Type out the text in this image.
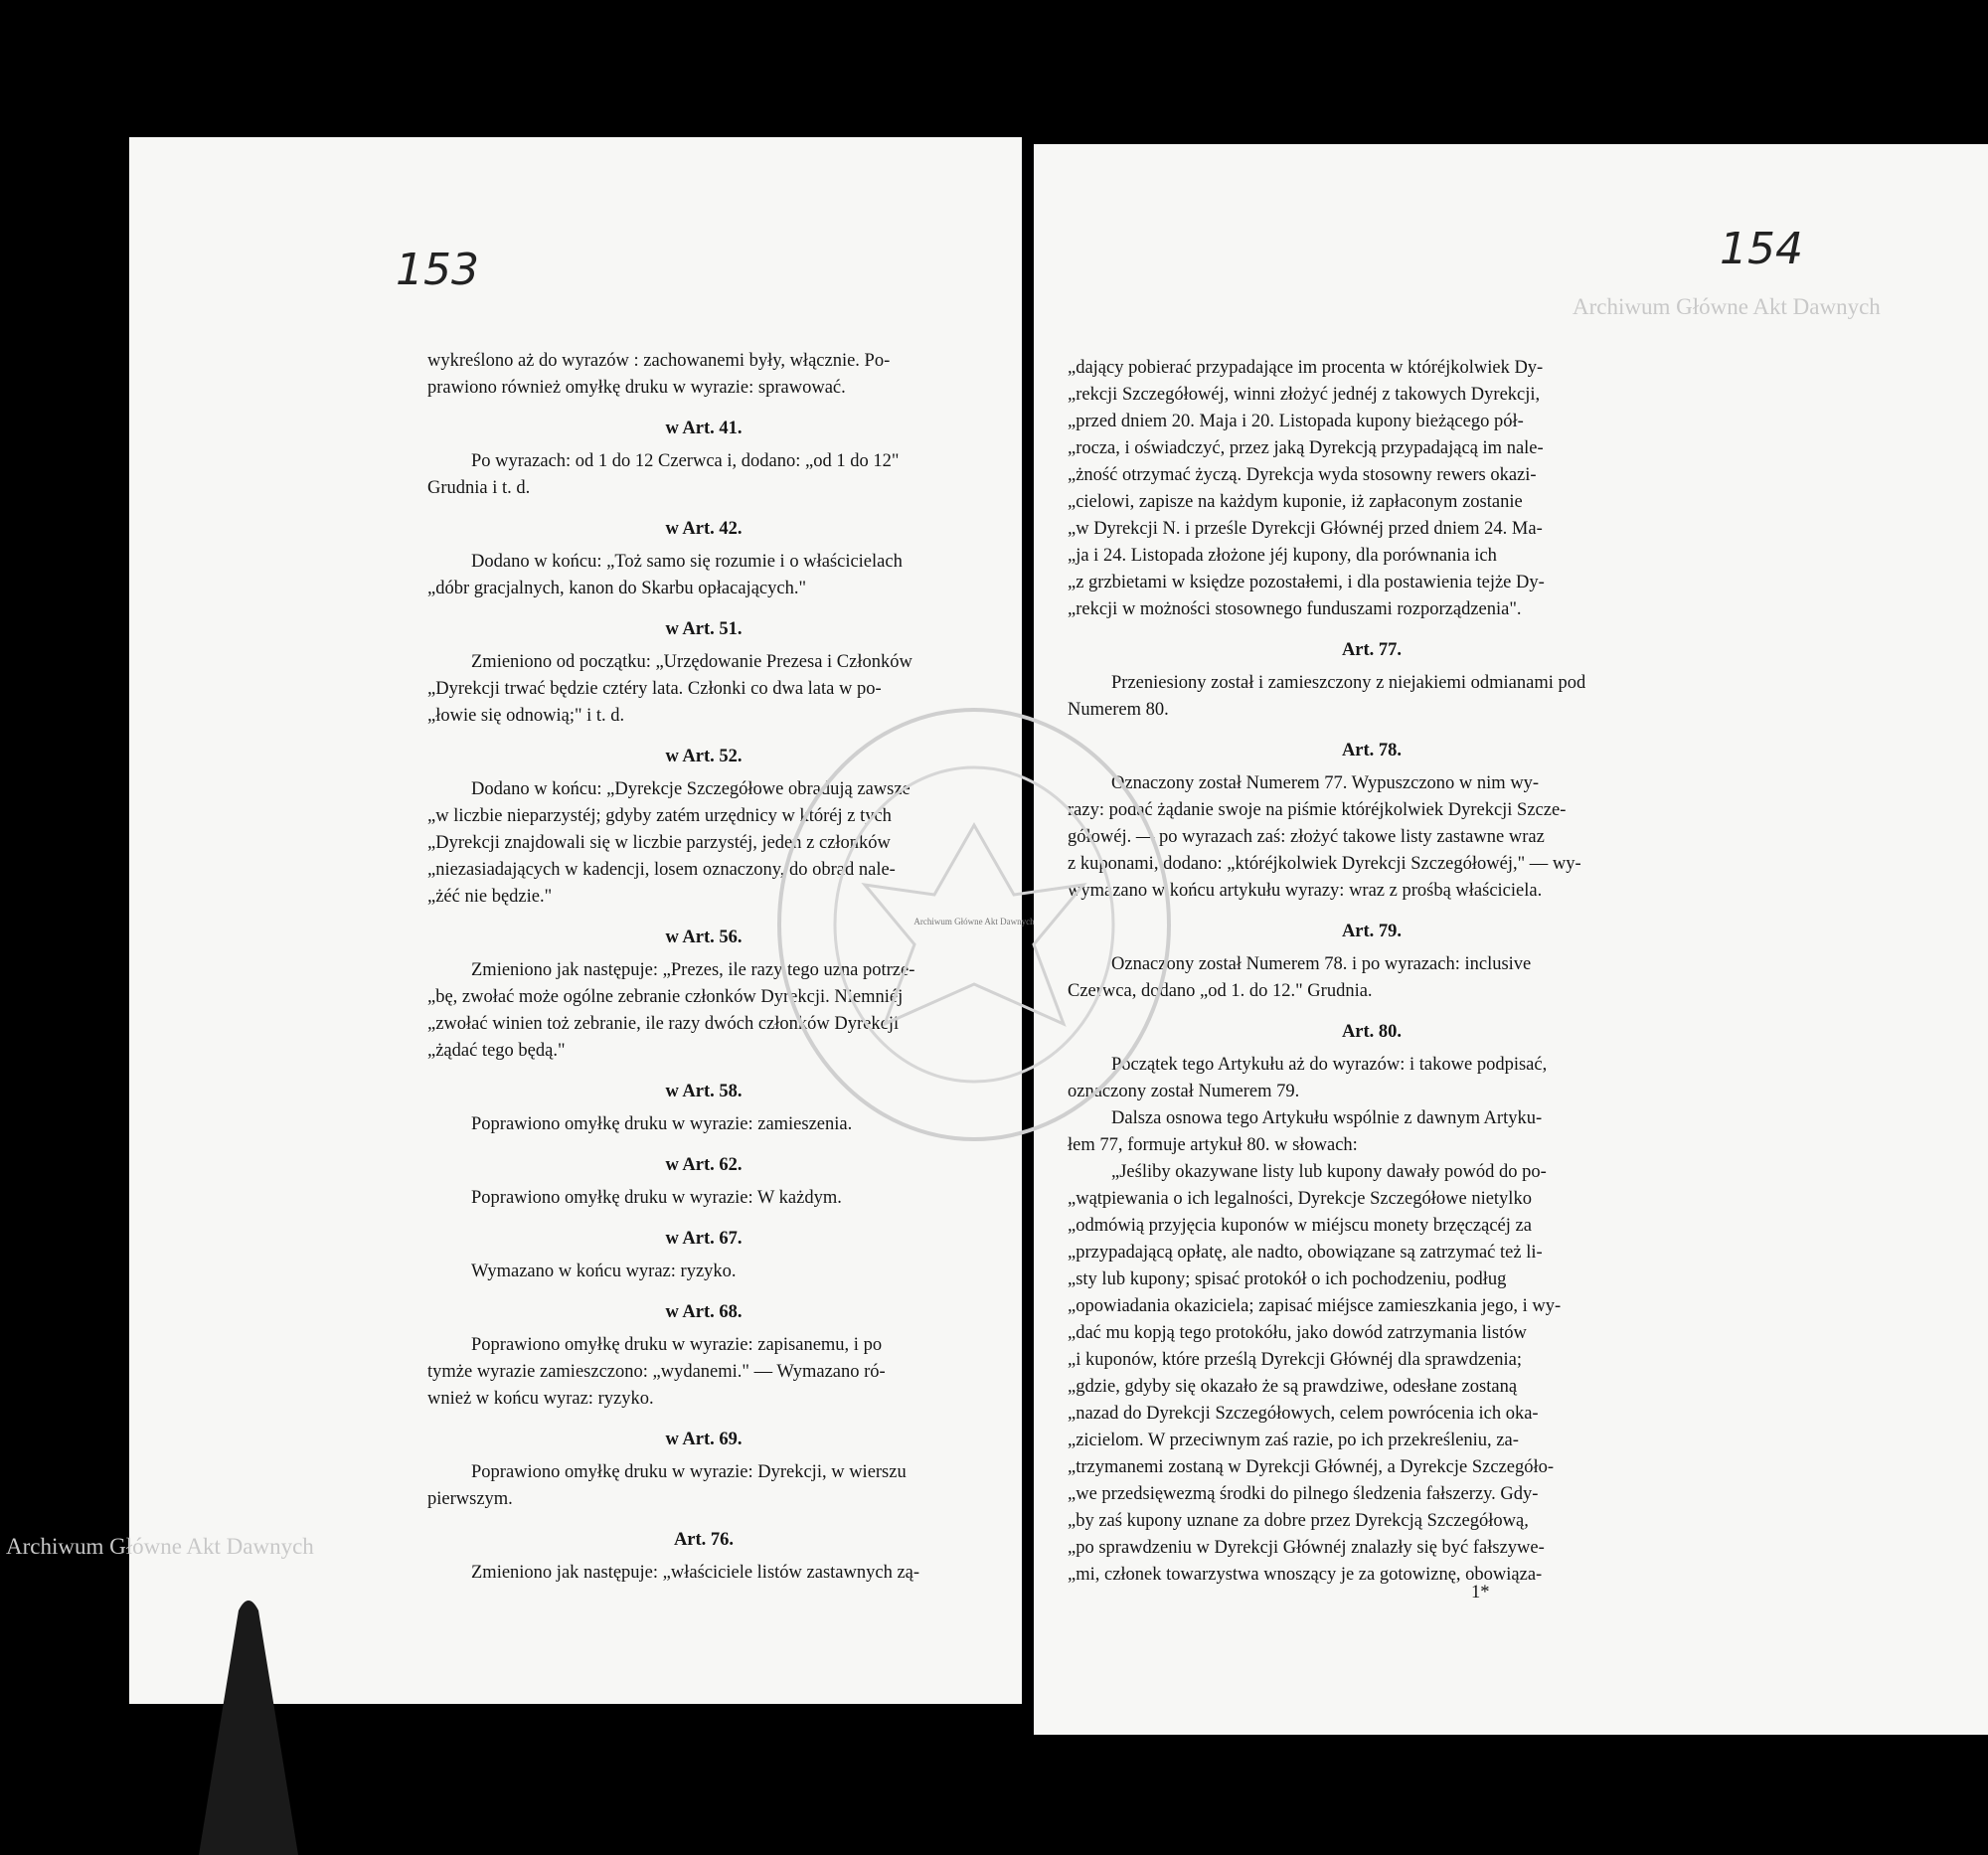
153

wykreślono aż do wyrazów : zachowanemi były, włącznie. Po-

prawiono również omyłkę druku w wyrazie: sprawować.

w Art. 41.

Po wyrazach: od 1 do 12 Czerwca i, dodano: „od 1 do 12"

Grudnia i t. d.

w Art. 42.

Dodano w końcu: „Toż samo się rozumie i o właścicielach

„dóbr gracjalnych, kanon do Skarbu opłacających."

w Art. 51.

Zmieniono od początku: „Urzędowanie Prezesa i Członków

„Dyrekcji trwać będzie cztéry lata. Członki co dwa lata w po-

„łowie się odnowią;" i t. d.

w Art. 52.

Dodano w końcu: „Dyrekcje Szczegółowe obradują zawsze

„w liczbie nieparzystéj; gdyby zatém urzędnicy w któréj z tych

„Dyrekcji znajdowali się w liczbie parzystéj, jeden z członków

„niezasiadających w kadencji, losem oznaczony, do obrad nale-

„żéć nie będzie."

w Art. 56.

Zmieniono jak następuje: „Prezes, ile razy tego uzna potrze-

„bę, zwołać może ogólne zebranie członków Dyrekcji. Niemniéj

„zwołać winien toż zebranie, ile razy dwóch członków Dyrekcji

„żądać tego będą."

w Art. 58.

Poprawiono omyłkę druku w wyrazie: zamieszenia.

w Art. 62.

Poprawiono omyłkę druku w wyrazie: W każdym.

w Art. 67.

Wymazano w końcu wyraz: ryzyko.

w Art. 68.

Poprawiono omyłkę druku w wyrazie: zapisanemu, i po

tymże wyrazie zamieszczono: „wydanemi." — Wymazano ró-

wnież w końcu wyraz: ryzyko.

w Art. 69.

Poprawiono omyłkę druku w wyrazie: Dyrekcji, w wierszu

pierwszym.

Art. 76.

Zmieniono jak następuje: „właściciele listów zastawnych zą-

154

„dający pobierać przypadające im procenta w któréjkolwiek Dy-

„rekcji Szczegółowéj, winni złożyć jednéj z takowych Dyrekcji,

„przed dniem 20. Maja i 20. Listopada kupony bieżącego pół-

„rocza, i oświadczyć, przez jaką Dyrekcją przypadającą im nale-

„żność otrzymać życzą. Dyrekcja wyda stosowny rewers okazi-

„cielowi, zapisze na każdym kuponie, iż zapłaconym zostanie

„w Dyrekcji N. i prześle Dyrekcji Głównéj przed dniem 24. Ma-

„ja i 24. Listopada złożone jéj kupony, dla porównania ich

„z grzbietami w księdze pozostałemi, i dla postawienia tejże Dy-

„rekcji w możności stosownego funduszami rozporządzenia".

Art. 77.

Przeniesiony został i zamieszczony z niejakiemi odmianami pod

Numerem 80.

Art. 78.

Oznaczony został Numerem 77. Wypuszczono w nim wy-

razy: podać żądanie swoje na piśmie któréjkolwiek Dyrekcji Szcze-

gółowéj. — po wyrazach zaś: złożyć takowe listy zastawne wraz

z kuponami, dodano: „któréjkolwiek Dyrekcji Szczegółowéj," — wy-

wymazano w końcu artykułu wyrazy: wraz z prośbą właściciela.

Art. 79.

Oznaczony został Numerem 78. i po wyrazach: inclusive

Czerwca, dodano „od 1. do 12." Grudnia.

Art. 80.

Początek tego Artykułu aż do wyrazów: i takowe podpisać,

oznaczony został Numerem 79.

Dalsza osnowa tego Artykułu wspólnie z dawnym Artyku-

łem 77, formuje artykuł 80. w słowach:

„Jeśliby okazywane listy lub kupony dawały powód do po-

„wątpiewania o ich legalności, Dyrekcje Szczegółowe nietylko

„odmówią przyjęcia kuponów w miéjscu monety brzęczącéj za

„przypadającą opłatę, ale nadto, obowiązane są zatrzymać też li-

„sty lub kupony; spisać protokół o ich pochodzeniu, podług

„opowiadania okaziciela; zapisać miéjsce zamieszkania jego, i wy-

„dać mu kopją tego protokółu, jako dowód zatrzymania listów

„i kuponów, które prześlą Dyrekcji Głównéj dla sprawdzenia;

„gdzie, gdyby się okazało że są prawdziwe, odesłane zostaną

„nazad do Dyrekcji Szczegółowych, celem powrócenia ich oka-

„zicielom. W przeciwnym zaś razie, po ich przekreśleniu, za-

„trzymanemi zostaną w Dyrekcji Głównéj, a Dyrekcje Szczegóło-

„we przedsięwezmą środki do pilnego śledzenia fałszerzy. Gdy-

„by zaś kupony uznane za dobre przez Dyrekcją Szczegółową,

„po sprawdzeniu w Dyrekcji Głównéj znalazły się być fałszywe-

„mi, członek towarzystwa wnoszący je za gotowiznę, obowiąza-

1*
Archiwum Główne Akt Dawnych
Archiwum Główne Akt Dawnych
Archiwum Główne Akt Dawnych
